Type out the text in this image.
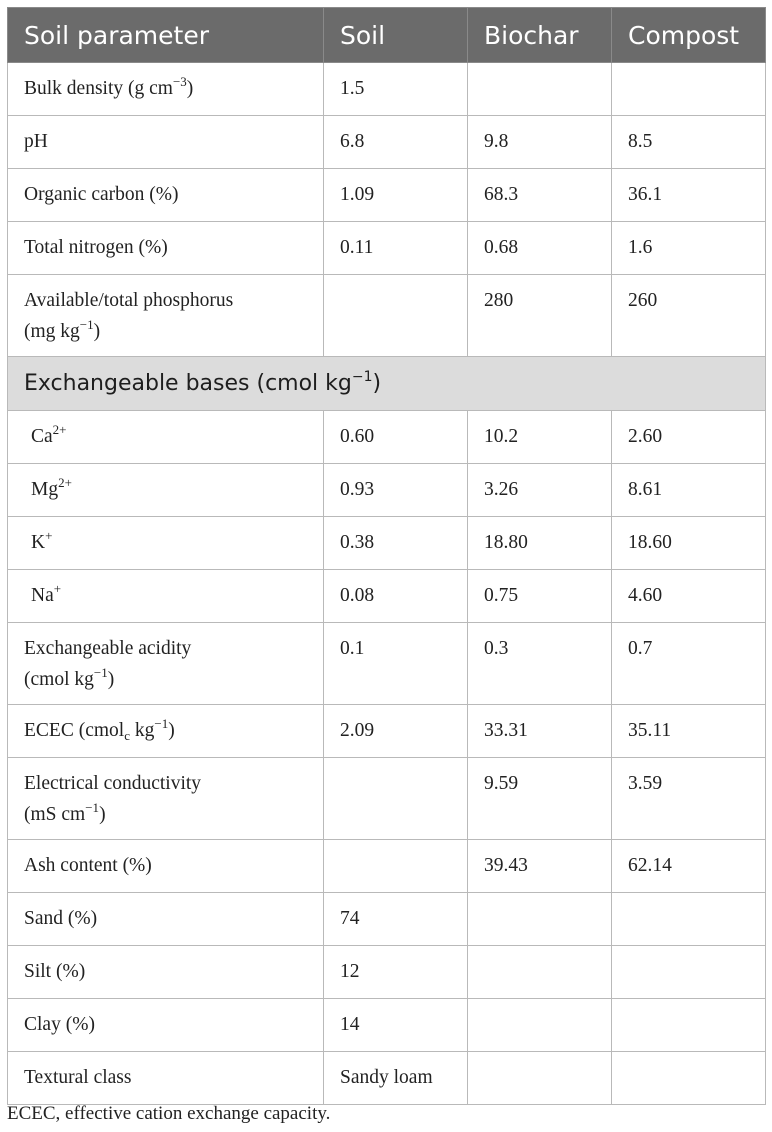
Soil parameter	Soil	Biochar	Compost

Bulk density (g $cm^{-3}$)	1.5		

pH	6.8	9.8	8.5

Organic carbon (%)	1.09	68.3	36.1

Total nitrogen (%)	0.11	0.68	1.6

Available/total phosphorus
(mg $kg^{-1}$)		280	260

Exchangeable bases (cmol $kg^{-1}$)			

$Ca^{2+}$	0.60	10.2	2.60

$Mg^{2+}$	0.93	3.26	8.61

K+	0.38	18.80	18.60

Na+	0.08	0.75	4.60

Exchangeable acidity
(cmol $kg^{-1}$)	0.1	0.3	0.7

ECEC (cmol$_c$ $kg^{-1}$)	2.09	33.31	35.11

Electrical conductivity
(mS $cm^{-1}$)		9.59	3.59

Ash content (%)		39.43	62.14

Sand (%)	74		

Silt (%)	12		

Clay (%)	14		

Textural class	Sandy loam		

ECEC, effective cation exchange capacity.
